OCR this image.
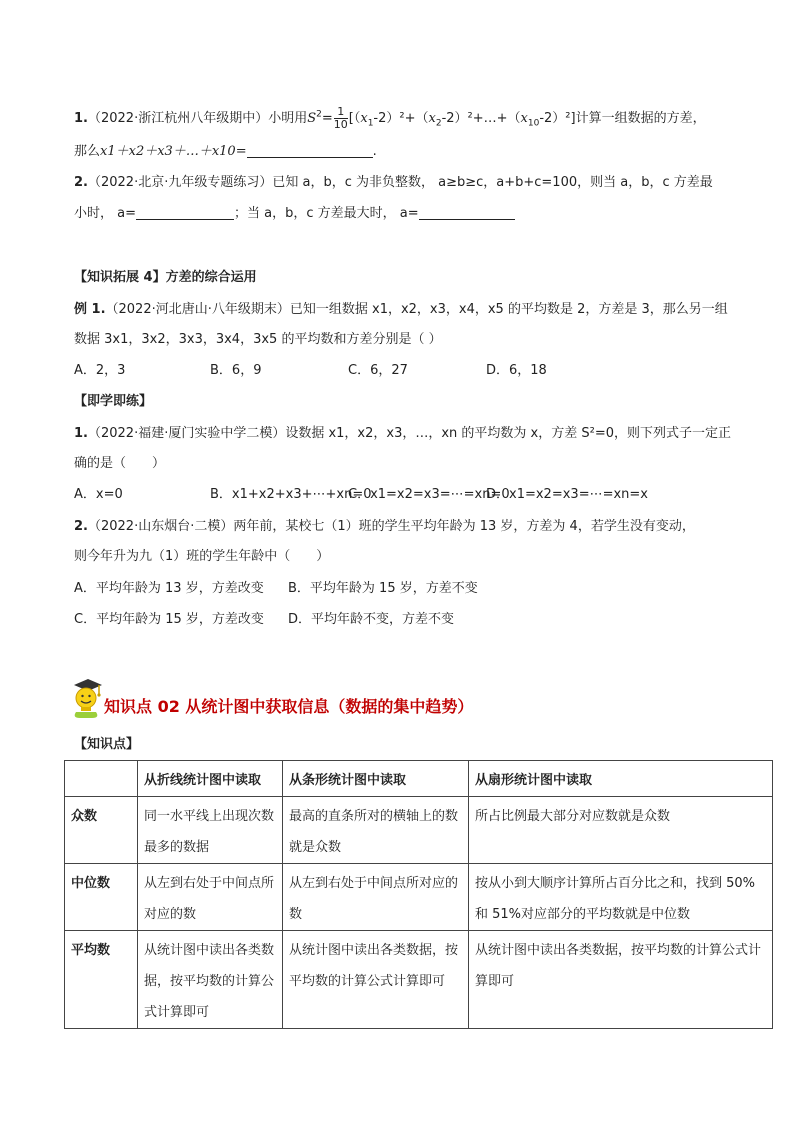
1.（2022·浙江杭州八年级期中）小明用$S^2= \frac{1}{10}$ $[(x_1-2)^2+(x_2-2)^2+\dots+(x_{10}-2)^2]$计算一组数据的方差，
那么x1＋x2＋x3＋…＋x10=	.
2.（2022·北京·九年级专题练习）已知 a，b，c 为非负整数， a≥b≥c，a+b+c=100，则当 a，b，c 方差最
小时， a=	；当 a，b，c 方差最大时， a=
【知识拓展 4】方差的综合运用
例 1.（2022·河北唐山·八年级期末）已知一组数据 x1，x2，x3，x4，x5 的平均数是 2，方差是 3，那么另一组
数据 3x1，3x2，3x3，3x4，3x5 的平均数和方差分别是（ ）
A．2，3	B．6，9	C．6，27	D．6，18
【即学即练】
1.（2022·福建·厦门实验中学二模）设数据 x1，x2，x3，…，xn 的平均数为 x，方差 S²=0，则下列式子一定正
确的是（　　）
A．x=0	B．x1+x2+x3+⋯+xn=0
C．x1=x2=x3=⋯=xn=0
D．x1=x2=x3=⋯=xn=x
2.（2022·山东烟台·二模）两年前，某校七（1）班的学生平均年龄为 13 岁，方差为 4，若学生没有变动，
则今年升为九（1）班的学生年龄中（　　）
A．平均年龄为 13 岁，方差改变 B．平均年龄为 15 岁，方差不变
C．平均年龄为 15 岁，方差改变 D．平均年龄不变，方差不变
知识点 02 从统计图中获取信息（数据的集中趋势）
【知识点】
	从折线统计图中读取	从条形统计图中读取	从扇形统计图中读取
众数	同一水平线上出现次数最多的数据	最高的直条所对的横轴上的数就是众数	所占比例最大部分对应数就是众数
中位数	从左到右处于中间点所对应的数	从左到右处于中间点所对应的数	按从小到大顺序计算所占百分比之和，找到 50%和 51%对应部分的平均数就是中位数
平均数	从统计图中读出各类数据，按平均数的计算公式计算即可	从统计图中读出各类数据，按平均数的计算公式计算即可	从统计图中读出各类数据，按平均数的计算公式计算即可
